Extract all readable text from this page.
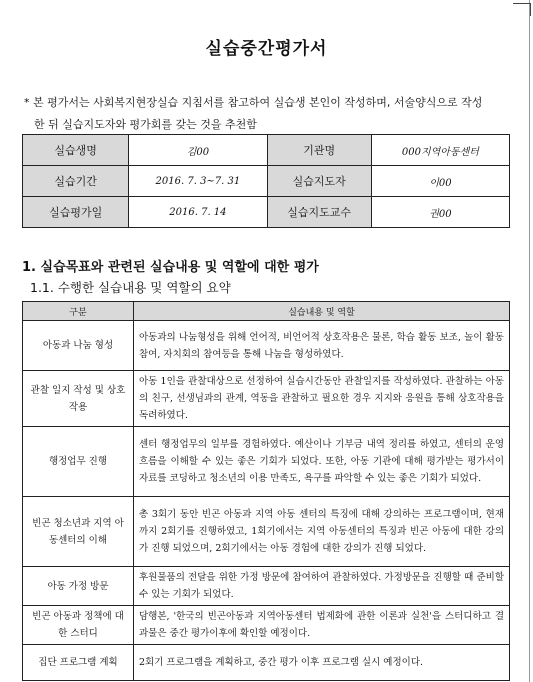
실습중간평가서
* 본 평가서는 사회복지현장실습 지침서를 참고하여 실습생 본인이 작성하며, 서술양식으로 작성
한 뒤 실습지도자와 평가회를 갖는 것을 추천함
실습생명	김00	기관명	000지역아동센터
실습기간	2016. 7. 3~7. 31	실습지도자	이00
실습평가일	2016. 7. 14	실습지도교수	권00
1. 실습목표와 관련된 실습내용 및 역할에 대한 평가
1.1. 수행한 실습내용 및 역할의 요약
구분	실습내용 및 역할
아동과 나눔 형성	아동과의 나눔형성을 위해 언어적, 비언어적 상호작용은 물론, 학습 활동 보조, 놀이 활동 참여, 자치회의 참여등을 통해 나눔을 형성하였다.
관찰 일지 작성 및 상호작용	아동 1인을 관찰대상으로 선정하여 실습시간동안 관찰일지를 작성하였다. 관찰하는 아동의 친구, 선생님과의 관계, 역동을 관찰하고 필요한 경우 지지와 응원을 통해 상호작용을 독려하였다.
행정업무 진행	센터 행정업무의 일부를 경험하였다. 예산이나 기부금 내역 정리를 하였고, 센터의 운영 흐름을 이해할 수 있는 좋은 기회가 되었다. 또한, 아동 기관에 대해 평가받는 평가서이 자료를 코딩하고 청소년의 이용 만족도, 욕구를 파악할 수 있는 좋은 기회가 되었다.
빈곤 청소년과 지역 아동센터의 이해	총 3회기 동안 빈곤 아동과 지역 아동 센터의 특징에 대해 강의하는 프로그램이며, 현재까지 2회기를 진행하였고, 1회기에서는 지역 아동센터의 특징과 빈곤 아동에 대한 강의가 진행 되었으며, 2회기에서는 아동 경험에 대한 강의가 진행 되었다.
아동 가정 방문	후원물품의 전달을 위한 가정 방문에 참여하여 관찰하였다. 가정방문을 진행할 때 준비할 수 있는 기회가 되었다.
빈곤 아동과 정책에 대한 스터디	담행본, '한국의 빈곤아동과 지역아동센터 법제화에 관한 이론과 실천'을 스터디하고 결과물은 중간 평가이후에 확인할 예정이다.
집단 프로그램 계획	2회기 프로그램을 계획하고, 중간 평가 이후 프로그램 실시 예정이다.
